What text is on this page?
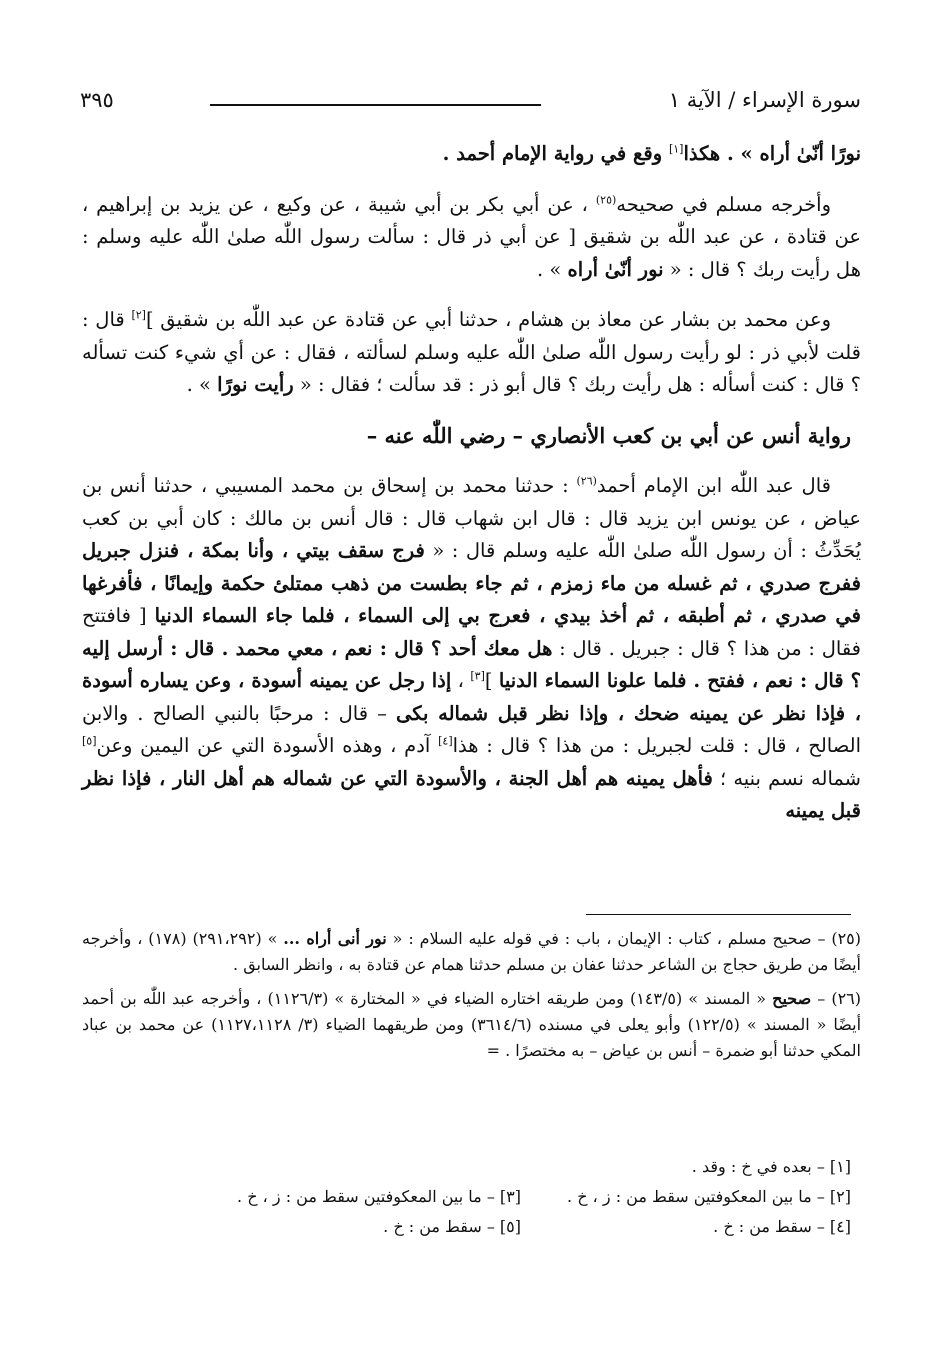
سورة الإسراء / الآية ١
٣٩٥

نورًا أنّىٰ أراه » . هكذا[١] وقع في رواية الإمام أحمد .

وأخرجه مسلم في صحيحه$^{(٢٥)}$ ، عن أبي بكر بن أبي شيبة ، عن وكيع ، عن يزيد بن إبراهيم ، عن قتادة ، عن عبد اللّٰه بن شقيق [ عن أبي ذر قال : سألت رسول اللّٰه صلىٰ اللّٰه عليه وسلم : هل رأيت ربك ؟ قال : « نور أنّىٰ أراه » .

وعن محمد بن بشار عن معاذ بن هشام ، حدثنا أبي عن قتادة عن عبد اللّٰه بن شقيق ][٢] قال : قلت لأبي ذر : لو رأيت رسول اللّٰه صلىٰ اللّٰه عليه وسلم لسألته ، فقال : عن أي شيء كنت تسأله ؟ قال : كنت أسأله : هل رأيت ربك ؟ قال أبو ذر : قد سألت ؛ فقال : « رأيت نورًا » .

رواية أنس عن أبي بن كعب الأنصاري – رضي اللّٰه عنه –

قال عبد اللّٰه ابن الإمام أحمد$^{(٢٦)}$ : حدثنا محمد بن إسحاق بن محمد المسيبي ، حدثنا أنس بن عياض ، عن يونس ابن يزيد قال : قال ابن شهاب قال : قال أنس بن مالك : كان أبي بن كعب يُحَدِّثُ : أن رسول اللّٰه صلىٰ اللّٰه عليه وسلم قال : « فرج سقف بيتي ، وأنا بمكة ، فنزل جبريل ففرج صدري ، ثم غسله من ماء زمزم ، ثم جاء بطست من ذهب ممتلئ حكمة وإيمانًا ، فأفرغها في صدري ، ثم أطبقه ، ثم أخذ بيدي ، فعرج بي إلى السماء ، فلما جاء السماء الدنيا [ فافتتح فقال : من هذا ؟ قال : جبريل . قال : هل معك أحد ؟ قال : نعم ، معي محمد . قال : أرسل إليه ؟ قال : نعم ، ففتح . فلما علونا السماء الدنيا ][٣] ، إذا رجل عن يمينه أسودة ، وعن يساره أسودة ، فإذا نظر عن يمينه ضحك ، وإذا نظر قبل شماله بكى – قال : مرحبًا بالنبي الصالح . والابن الصالح ، قال : قلت لجبريل : من هذا ؟ قال : هذا[٤] آدم ، وهذه الأسودة التي عن اليمين وعن[٥] شماله نسم بنيه ؛ فأهل يمينه هم أهل الجنة ، والأسودة التي عن شماله هم أهل النار ، فإذا نظر قبل يمينه

(٢٥) – صحيح مسلم ، كتاب : الإيمان ، باب : في قوله عليه السلام : « نور أنى أراه ... » (٢٩١،٢٩٢) (١٧٨) ، وأخرجه أيضًا من طريق حجاج بن الشاعر حدثنا عفان بن مسلم حدثنا همام عن قتادة به ، وانظر السابق .

(٢٦) – صحيح « المسند » (١٤٣/٥) ومن طريقه اختاره الضياء في « المختارة » (١١٢٦/٣) ، وأخرجه عبد اللّٰه بن أحمد أيضًا « المسند » (١٢٢/٥) وأبو يعلى في مسنده (٣٦١٤/٦) ومن طريقهما الضياء (٣/ ١١٢٧،١١٢٨) عن محمد بن عباد المكي حدثنا أبو ضمرة – أنس بن عياض – به مختصرًا . =

[١] – بعده في خ : وقد .
[٢] – ما بين المعكوفتين سقط من : ز ، خ .
[٣] – ما بين المعكوفتين سقط من : ز ، خ .
[٤] – سقط من : خ .
[٥] – سقط من : خ .
